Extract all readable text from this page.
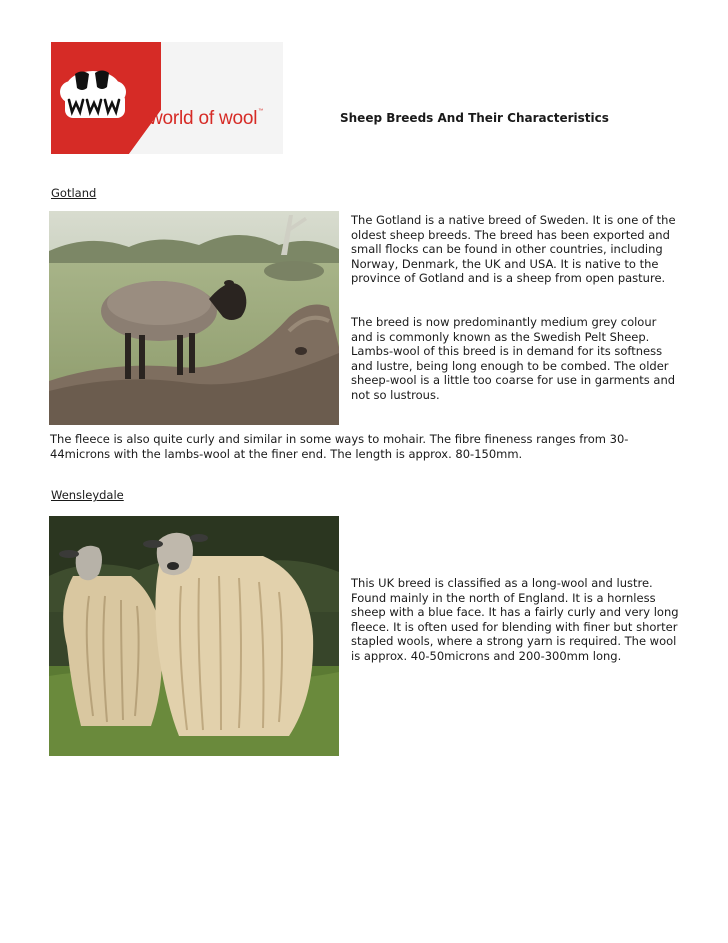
world of wool™	Sheep Breeds And Their Characteristics
Gotland
The Gotland is a native breed of Sweden. It is one of the oldest sheep breeds. The breed has been exported and small flocks can be found in other countries, including Norway, Denmark, the UK and USA. It is native to the province of Gotland and is a sheep from open pasture.
The breed is now predominantly medium grey colour and is commonly known as the Swedish Pelt Sheep. Lambs-wool of this breed is in demand for its softness and lustre, being long enough to be combed. The older sheep-wool is a little too coarse for use in garments and not so lustrous.
The fleece is also quite curly and similar in some ways to mohair. The fibre fineness ranges from 30-44microns with the lambs-wool at the finer end. The length is approx. 80-150mm.
Wensleydale
This UK breed is classified as a long-wool and lustre. Found mainly in the north of England. It is a hornless sheep with a blue face. It has a fairly curly and very long fleece. It is often used for blending with finer but shorter stapled wools, where a strong yarn is required. The wool is approx. 40-50microns and 200-300mm long.
